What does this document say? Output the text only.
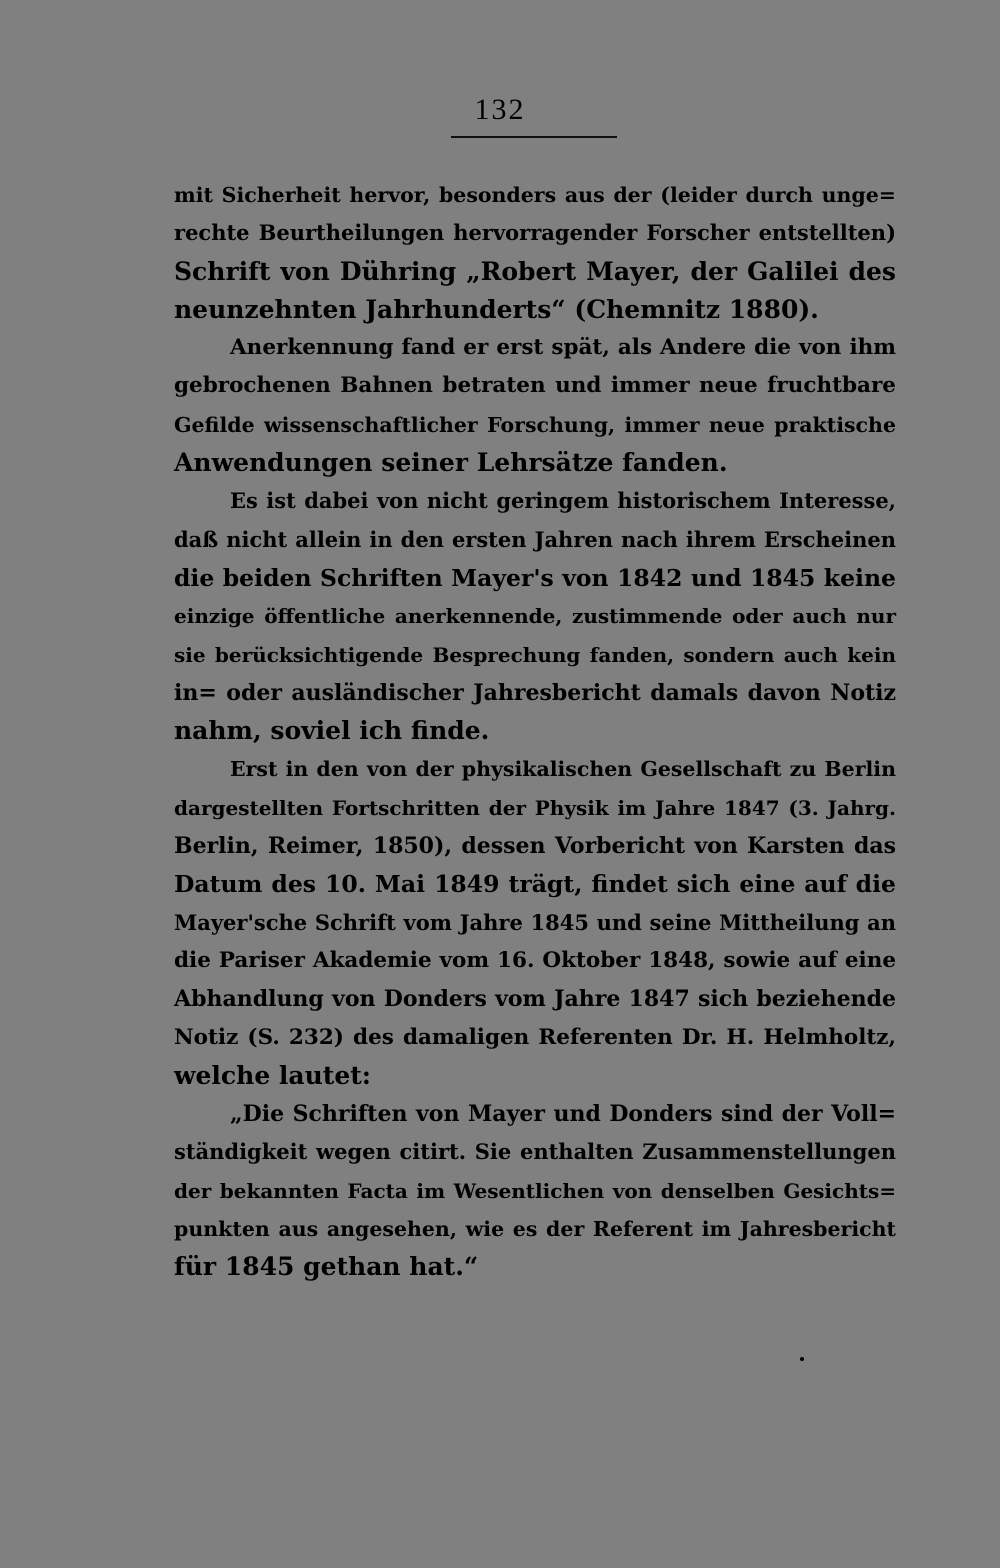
132
mit Sicherheit hervor, besonders aus der (leider durch unge=
rechte Beurtheilungen hervorragender Forscher entstellten)
Schrift von Dühring „Robert Mayer, der Galilei des
neunzehnten Jahrhunderts“ (Chemnitz 1880).
Anerkennung fand er erst spät, als Andere die von ihm
gebrochenen Bahnen betraten und immer neue fruchtbare
Gefilde wissenschaftlicher Forschung, immer neue praktische
Anwendungen seiner Lehrsätze fanden.
Es ist dabei von nicht geringem historischem Interesse,
daß nicht allein in den ersten Jahren nach ihrem Erscheinen
die beiden Schriften Mayer's von 1842 und 1845 keine
einzige öffentliche anerkennende, zustimmende oder auch nur
sie berücksichtigende Besprechung fanden, sondern auch kein
in= oder ausländischer Jahresbericht damals davon Notiz
nahm, soviel ich finde.
Erst in den von der physikalischen Gesellschaft zu Berlin
dargestellten Fortschritten der Physik im Jahre 1847 (3. Jahrg.
Berlin, Reimer, 1850), dessen Vorbericht von Karsten das
Datum des 10. Mai 1849 trägt, findet sich eine auf die
Mayer'sche Schrift vom Jahre 1845 und seine Mittheilung an
die Pariser Akademie vom 16. Oktober 1848, sowie auf eine
Abhandlung von Donders vom Jahre 1847 sich beziehende
Notiz (S. 232) des damaligen Referenten Dr. H. Helmholtz,
welche lautet:
„Die Schriften von Mayer und Donders sind der Voll=
ständigkeit wegen citirt. Sie enthalten Zusammenstellungen
der bekannten Facta im Wesentlichen von denselben Gesichts=
punkten aus angesehen, wie es der Referent im Jahresbericht
für 1845 gethan hat.“
